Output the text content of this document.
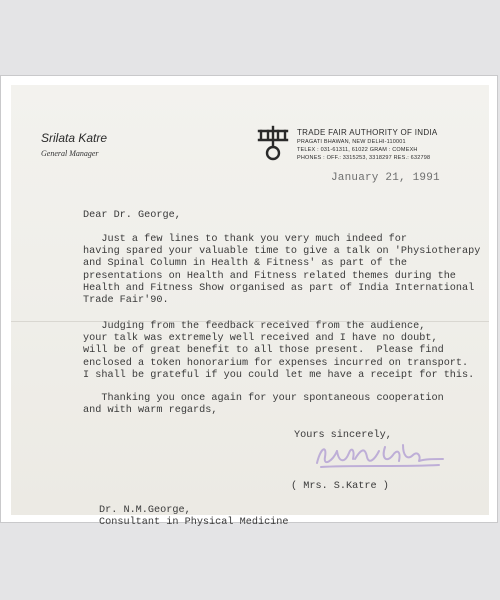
Srilata Katre
General Manager
TRADE FAIR AUTHORITY OF INDIA
PRAGATI BHAWAN, NEW DELHI-110001
TELEX : 031-61311, 61022 GRAM : COMEXH
PHONES : OFF.: 3315253, 3318297 RES.: 632798
January 21, 1991
Dear Dr. George,
Just a few lines to thank you very much indeed for
having spared your valuable time to give a talk on 'Physiotherapy
and Spinal Column in Health & Fitness' as part of the
presentations on Health and Fitness related themes during the
Health and Fitness Show organised as part of India International
Trade Fair'90.
Judging from the feedback received from the audience,
your talk was extremely well received and I have no doubt,
will be of great benefit to all those present.  Please find
enclosed a token honorarium for expenses incurred on transport.
I shall be grateful if you could let me have a receipt for this.
Thanking you once again for your spontaneous cooperation
and with warm regards,
Yours sincerely,
( Mrs. S.Katre )
Dr. N.M.George,
Consultant in Physical Medicine
